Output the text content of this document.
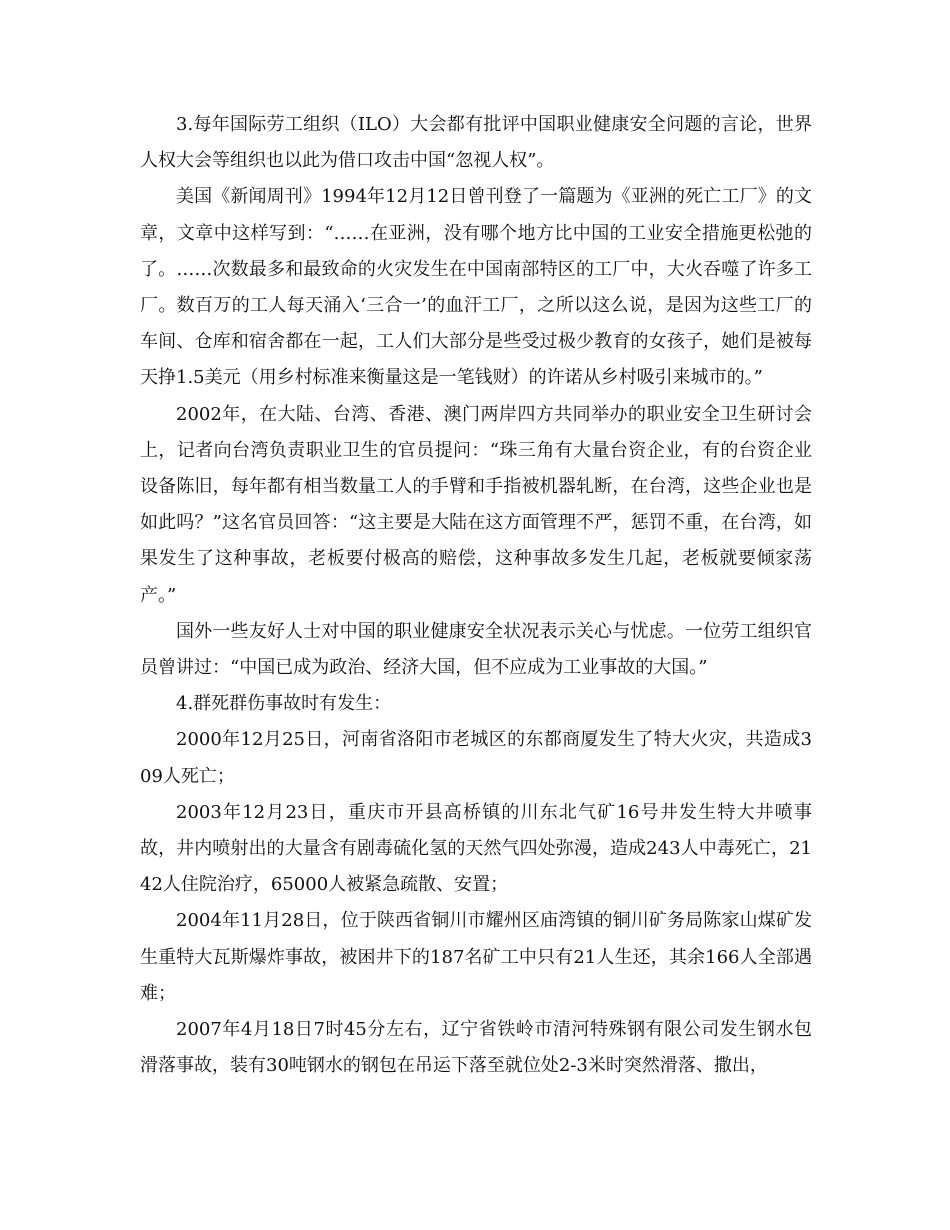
3.每年国际劳工组织（ILO）大会都有批评中国职业健康安全问题的言论，世界人权大会等组织也以此为借口攻击中国“忽视人权”。

美国《新闻周刊》1994年12月12日曾刊登了一篇题为《亚洲的死亡工厂》的文章，文章中这样写到：“……在亚洲，没有哪个地方比中国的工业安全措施更松弛的了。……次数最多和最致命的火灾发生在中国南部特区的工厂中，大火吞噬了许多工厂。数百万的工人每天涌入‘三合一’的血汗工厂，之所以这么说，是因为这些工厂的车间、仓库和宿舍都在一起，工人们大部分是些受过极少教育的女孩子，她们是被每天挣1.5美元（用乡村标准来衡量这是一笔钱财）的许诺从乡村吸引来城市的。”

2002年，在大陆、台湾、香港、澳门两岸四方共同举办的职业安全卫生研讨会上，记者向台湾负责职业卫生的官员提问：“珠三角有大量台资企业，有的台资企业设备陈旧，每年都有相当数量工人的手臂和手指被机器轧断，在台湾，这些企业也是如此吗？”这名官员回答：“这主要是大陆在这方面管理不严，惩罚不重，在台湾，如果发生了这种事故，老板要付极高的赔偿，这种事故多发生几起，老板就要倾家荡产。”

国外一些友好人士对中国的职业健康安全状况表示关心与忧虑。一位劳工组织官员曾讲过：“中国已成为政治、经济大国，但不应成为工业事故的大国。”

4.群死群伤事故时有发生：

2000年12月25日，河南省洛阳市老城区的东都商厦发生了特大火灾，共造成309人死亡；

2003年12月23日，重庆市开县高桥镇的川东北气矿16号井发生特大井喷事故，井内喷射出的大量含有剧毒硫化氢的天然气四处弥漫，造成243人中毒死亡，2142人住院治疗，65000人被紧急疏散、安置；

2004年11月28日，位于陕西省铜川市耀州区庙湾镇的铜川矿务局陈家山煤矿发生重特大瓦斯爆炸事故，被困井下的187名矿工中只有21人生还，其余166人全部遇难；

2007年4月18日7时45分左右，辽宁省铁岭市清河特殊钢有限公司发生钢水包滑落事故，装有30吨钢水的钢包在吊运下落至就位处2-3米时突然滑落、撒出，
